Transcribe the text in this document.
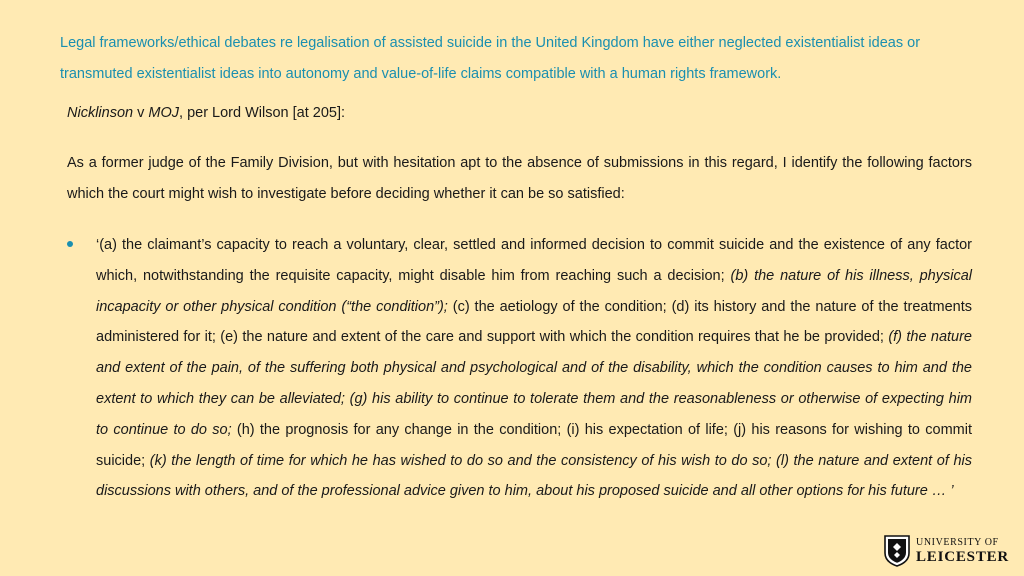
Legal frameworks/ethical debates re legalisation of assisted suicide in the United Kingdom have either neglected existentialist ideas or transmuted existentialist ideas into autonomy and value-of-life claims compatible with a human rights framework.
Nicklinson v MOJ, per Lord Wilson [at 205]:
As a former judge of the Family Division, but with hesitation apt to the absence of submissions in this regard, I identify the following factors which the court might wish to investigate before deciding whether it can be so satisfied:
‘(a) the claimant’s capacity to reach a voluntary, clear, settled and informed decision to commit suicide and the existence of any factor which, notwithstanding the requisite capacity, might disable him from reaching such a decision; (b) the nature of his illness, physical incapacity or other physical condition (“the condition”); (c) the aetiology of the condition; (d) its history and the nature of the treatments administered for it; (e) the nature and extent of the care and support with which the condition requires that he be provided; (f) the nature and extent of the pain, of the suffering both physical and psychological and of the disability, which the condition causes to him and the extent to which they can be alleviated; (g) his ability to continue to tolerate them and the reasonableness or otherwise of expecting him to continue to do so; (h) the prognosis for any change in the condition; (i) his expectation of life; (j) his reasons for wishing to commit suicide; (k) the length of time for which he has wished to do so and the consistency of his wish to do so; (l) the nature and extent of his discussions with others, and of the professional advice given to him, about his proposed suicide and all other options for his future … ’
UNIVERSITY OF
LEICESTER
